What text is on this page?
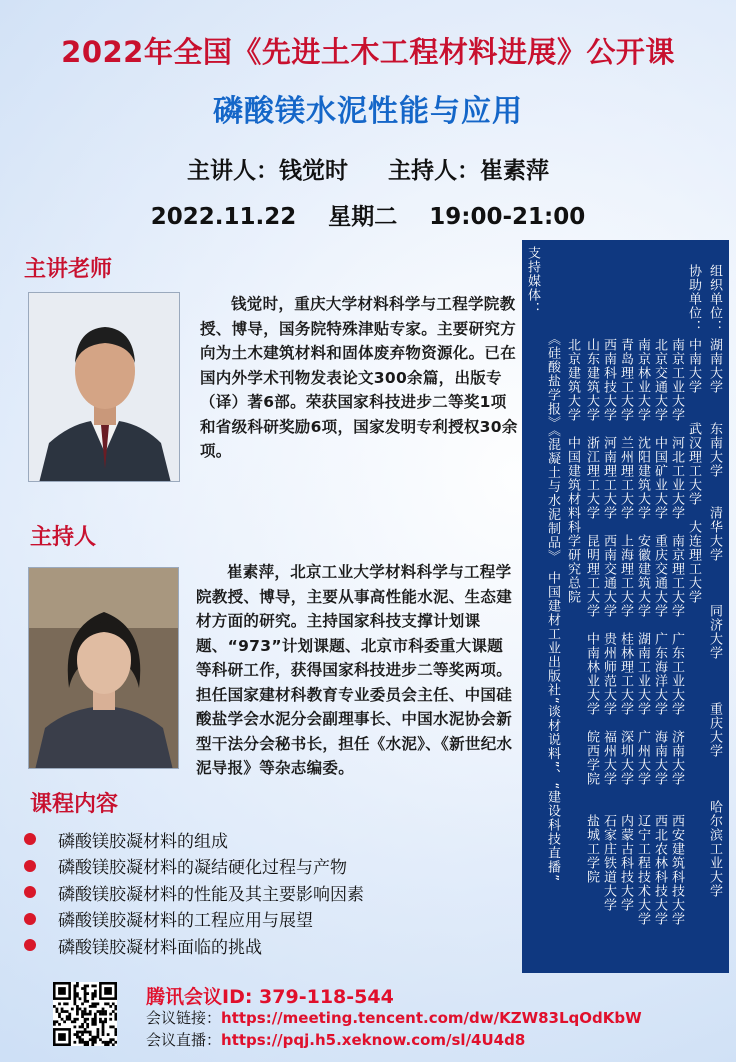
2022年全国《先进土木工程材料进展》公开课
磷酸镁水泥性能与应用
主讲人：钱觉时     主持人：崔素萍
2022.11.22    星期二    19:00-21:00
主讲老师
钱觉时，重庆大学材料科学与工程学院教授、博导，国务院特殊津贴专家。主要研究方向为土木建筑材料和固体废弃物资源化。已在国内外学术刊物发表论文300余篇，出版专（译）著6部。荣获国家科技进步二等奖1项和省级科研奖励6项，国家发明专利授权30余项。
主持人
崔素萍，北京工业大学材料科学与工程学院教授、博导，主要从事高性能水泥、生态建材方面的研究。主持国家科技支撑计划课题、“973”计划课题、北京市科委重大课题等科研工作，获得国家科技进步二等奖两项。担任国家建材科教育专业委员会主任、中国硅酸盐学会水泥分会副理事长、中国水泥协会新型干法分会秘书长，担任《水泥》、《新世纪水泥导报》等杂志编委。
课程内容
磷酸镁胶凝材料的组成
磷酸镁胶凝材料的凝结硬化过程与产物
磷酸镁胶凝材料的性能及其主要影响因素
磷酸镁胶凝材料的工程应用与展望
磷酸镁胶凝材料面临的挑战
腾讯会议ID: 379-118-544
会议链接：https://meeting.tencent.com/dw/KZW83LqOdKbW
会议直播：https://pqj.h5.xeknow.com/sl/4U4d8
组织单位：
湖南大学　　东南大学　　清华大学　　　同济大学　　　重庆大学　　　哈尔滨工业大学
协助单位：
中南大学　　武汉理工大学　大连理工大学
南京工业大学　河北工业大学　南京理工大学　广东工业大学　济南大学　　西安建筑科技大学
北京交通大学　中国矿业大学　重庆交通大学　广东海洋大学　海南大学　　西北农林科技大学
南京林业大学　沈阳建筑大学　安徽建筑大学　湖南工业大学　广州大学　　辽宁工程技术大学
青岛理工大学　兰州理工大学　上海理工大学　桂林理工大学　深圳大学　　内蒙古科技大学
西南科技大学　河南理工大学　西南交通大学　贵州师范大学　福州大学　　石家庄铁道大学
山东建筑大学　浙江理工大学　昆明理工大学　中南林业大学　皖西学院　　盐城工学院
北京建筑大学　中国建筑材料科学研究总院
支持媒体：
《硅酸盐学报》《混凝土与水泥制品》　中国建材工业出版社“谈材说料”、“建设科技直播”
